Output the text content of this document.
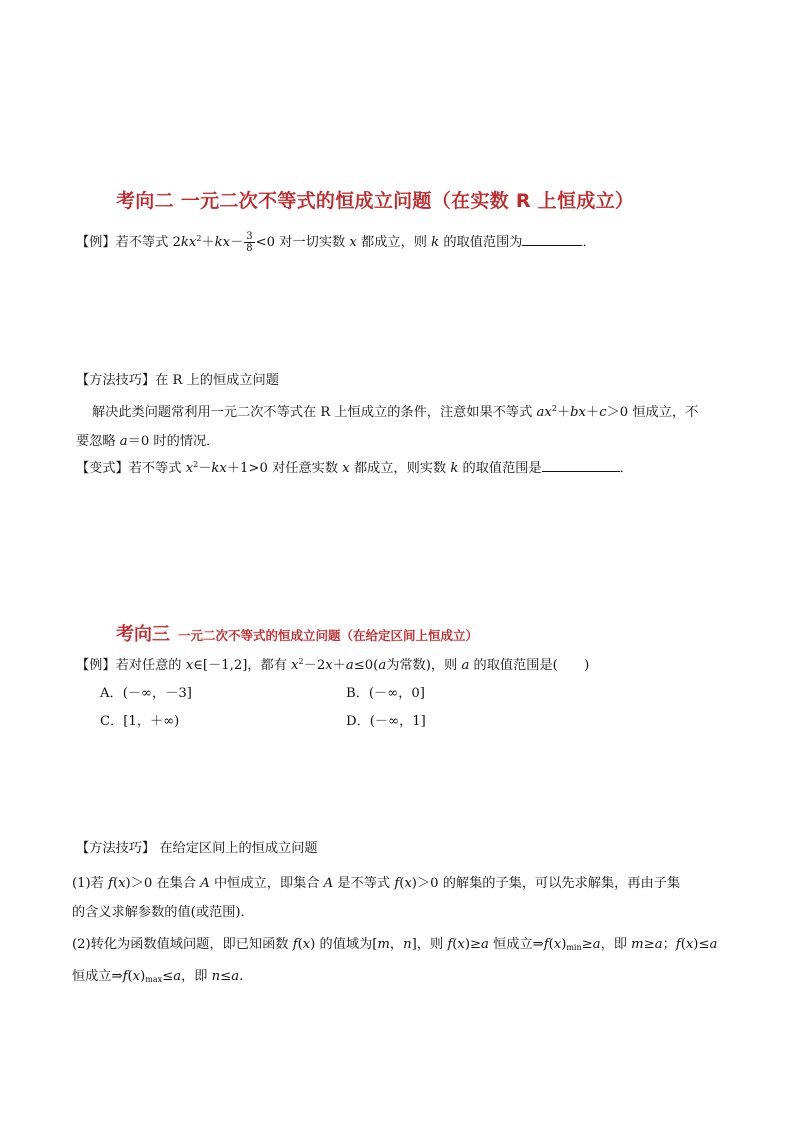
考向二 一元二次不等式的恒成立问题（在实数 R 上恒成立）
【例】若不等式 $2kx^2+kx- \frac{3}{8} <0$ 对一切实数 x 都成立，则 k 的取值范围为	．
【方法技巧】在 R 上的恒成立问题
解决此类问题常利用一元二次不等式在 R 上恒成立的条件，注意如果不等式 $ax^2+bx+c>0$ 恒成立，不
要忽略 a＝0 时的情况．
【变式】若不等式 $x^2-kx+1>0$ 对任意实数 x 都成立，则实数 k 的取值范围是	．
考向三 一元二次不等式的恒成立问题（在给定区间上恒成立）
【例】若对任意的 x∈[－1,2]，都有 $x^2-2x+a\le 0(a$为常数)，则 a 的取值范围是(　　)
A．(－∞，－3]	B．(－∞，0]
C．[1，＋∞)	D．(－∞，1]
【方法技巧】 在给定区间上的恒成立问题
(1)若 f(x)＞0 在集合 A 中恒成立，即集合 A 是不等式 f(x)＞0 的解集的子集，可以先求解集，再由子集
的含义求解参数的值(或范围)．
(2)转化为函数值域问题，即已知函数 f(x) 的值域为[m，n]，则 f(x)≥a 恒成立$\Rightarrow f(x)_{min}\ge a$，即 m≥a；f(x)≤a
恒成立$\Rightarrow f(x)_{max}\le a$，即 n≤a.
